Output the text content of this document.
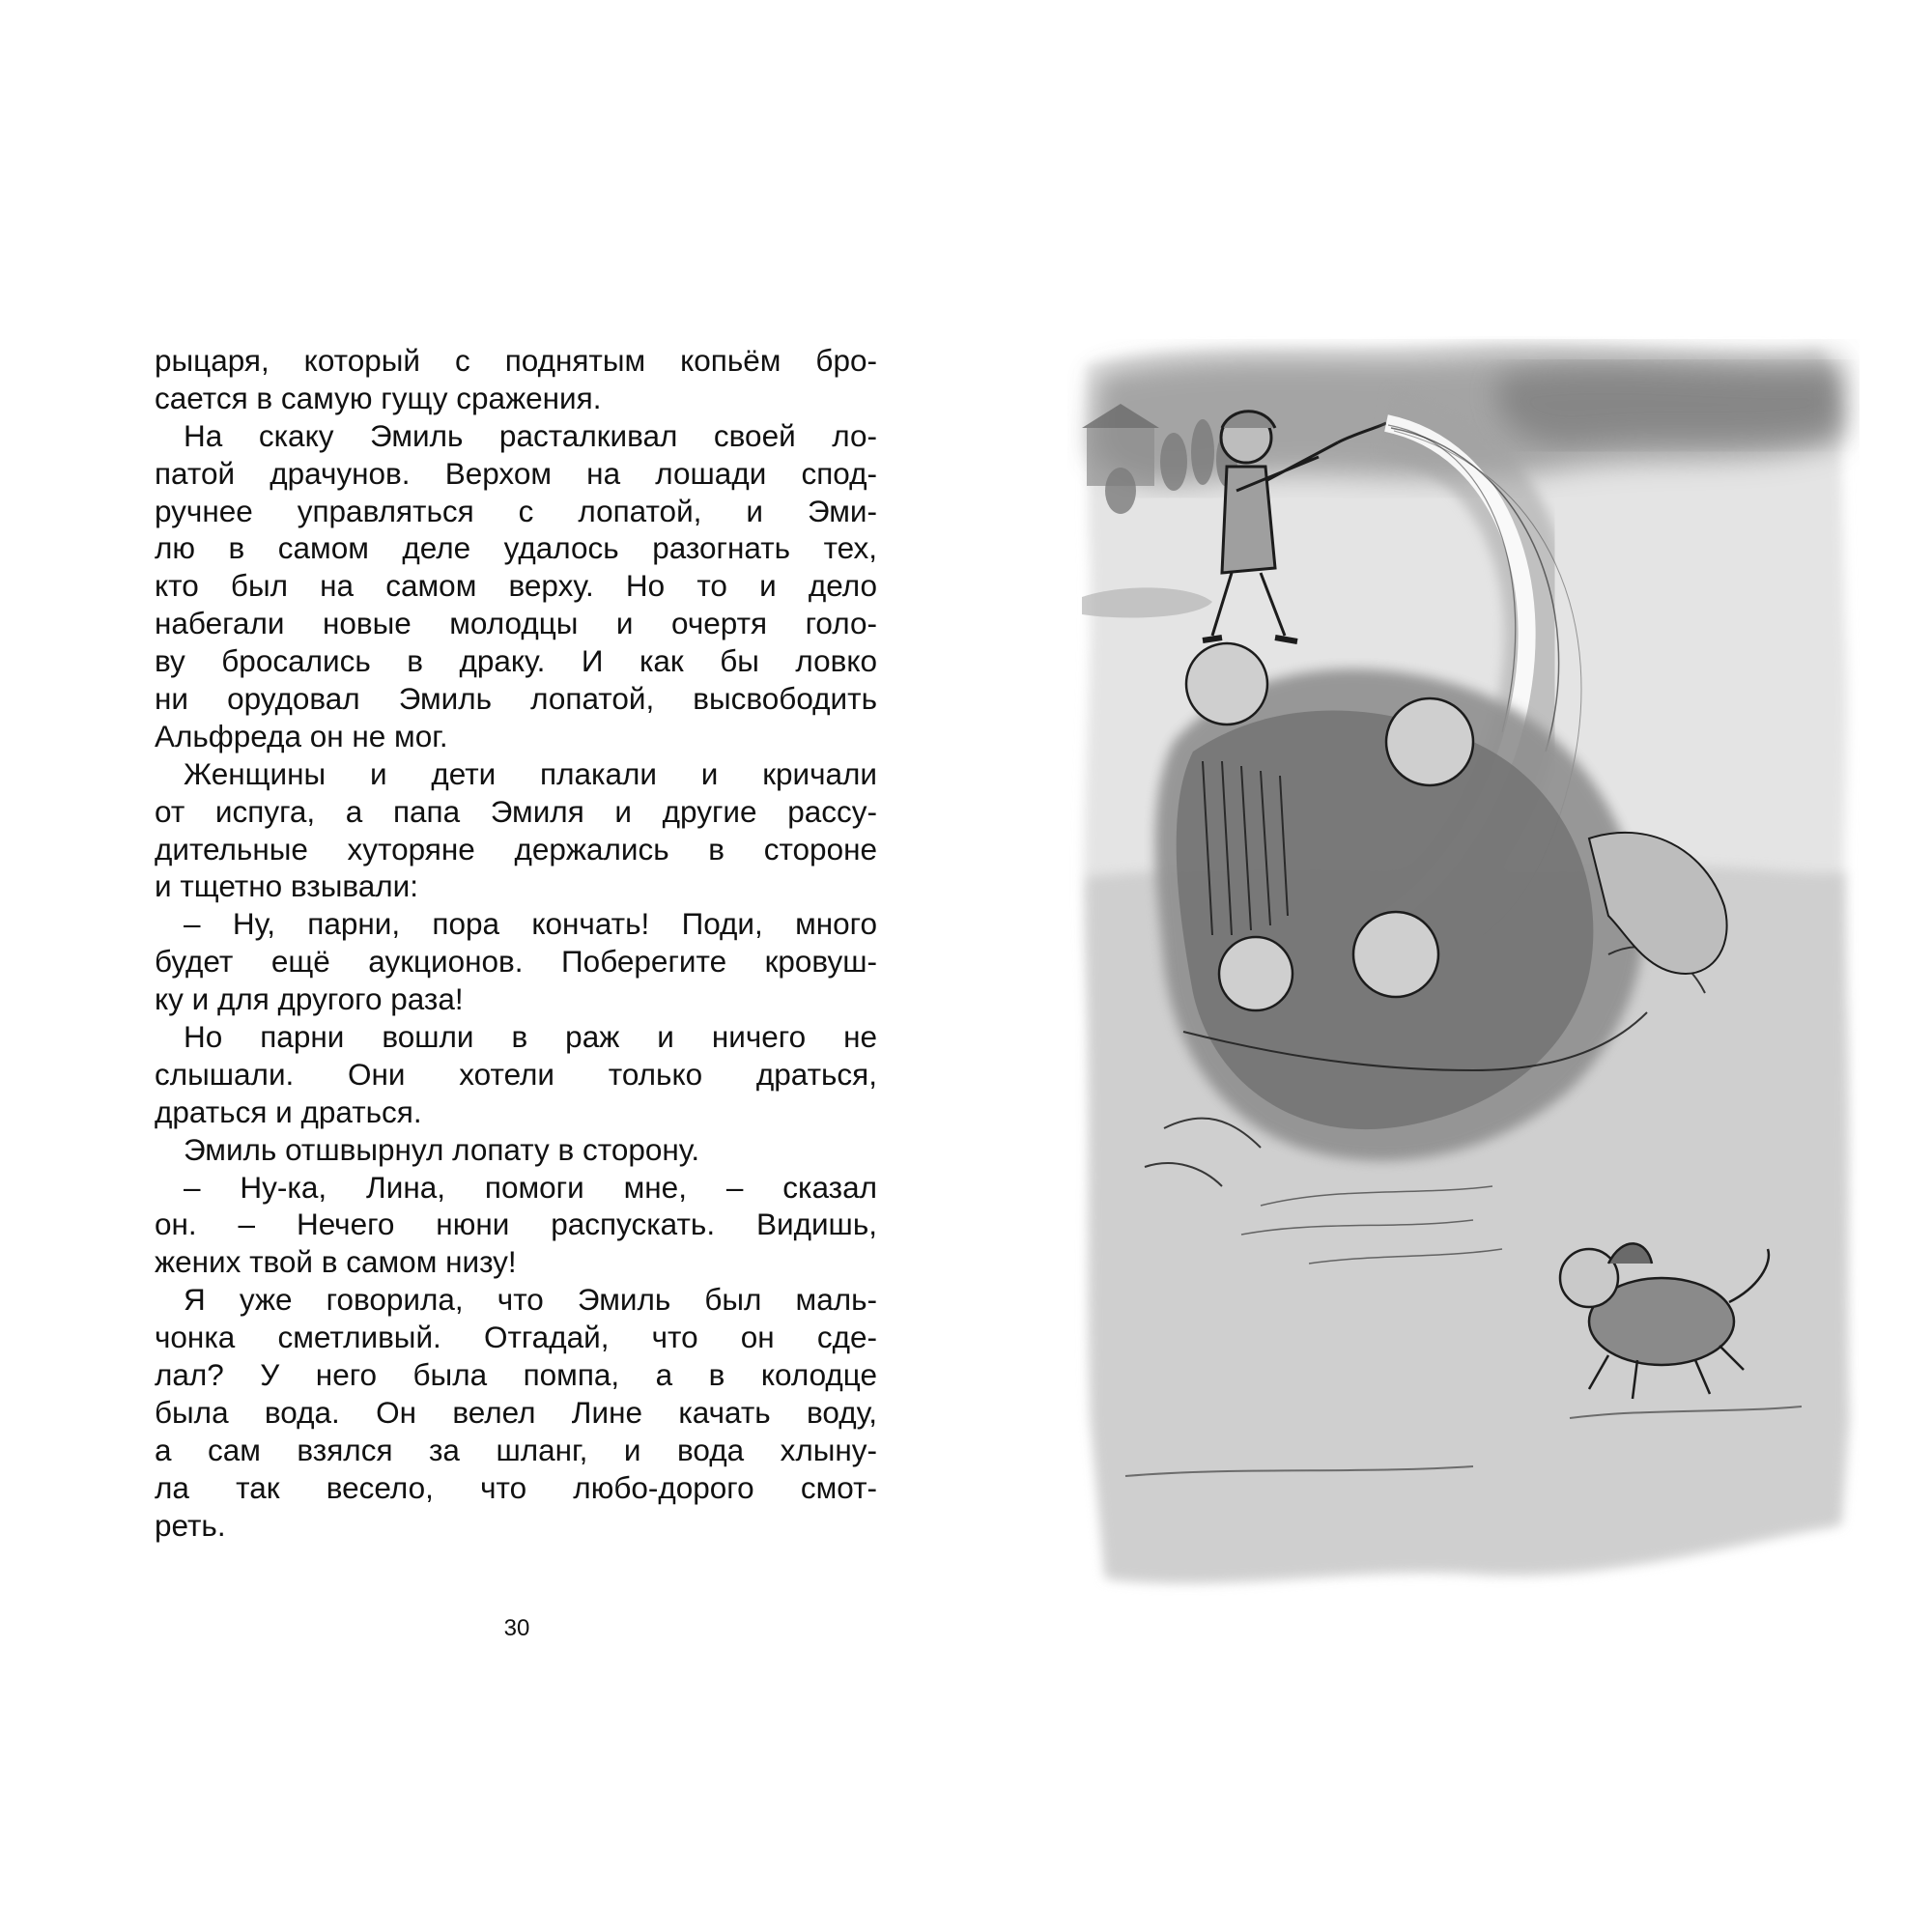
рыцаря, который с поднятым копьём бро-
сается в самую гущу сражения.
На скаку Эмиль расталкивал своей ло-
патой драчунов. Верхом на лошади спод-
ручнее управляться с лопатой, и Эми-
лю в самом деле удалось разогнать тех,
кто был на самом верху. Но то и дело
набегали новые молодцы и очертя голо-
ву бросались в драку. И как бы ловко
ни орудовал Эмиль лопатой, высвободить
Альфреда он не мог.
Женщины и дети плакали и кричали
от испуга, а папа Эмиля и другие рассу-
дительные хуторяне держались в стороне
и тщетно взывали:
– Ну, парни, пора кончать! Поди, много
будет ещё аукционов. Поберегите кровуш-
ку и для другого раза!
Но парни вошли в раж и ничего не
слышали. Они хотели только драться,
драться и драться.
Эмиль отшвырнул лопату в сторону.
– Ну-ка, Лина, помоги мне, – сказал
он. – Нечего нюни распускать. Видишь,
жених твой в самом низу!
Я уже говорила, что Эмиль был маль-
чонка сметливый. Отгадай, что он сде-
лал? У него была помпа, а в колодце
была вода. Он велел Лине качать воду,
а сам взялся за шланг, и вода хлыну-
ла так весело, что любо-дорого смот-
реть.
30
